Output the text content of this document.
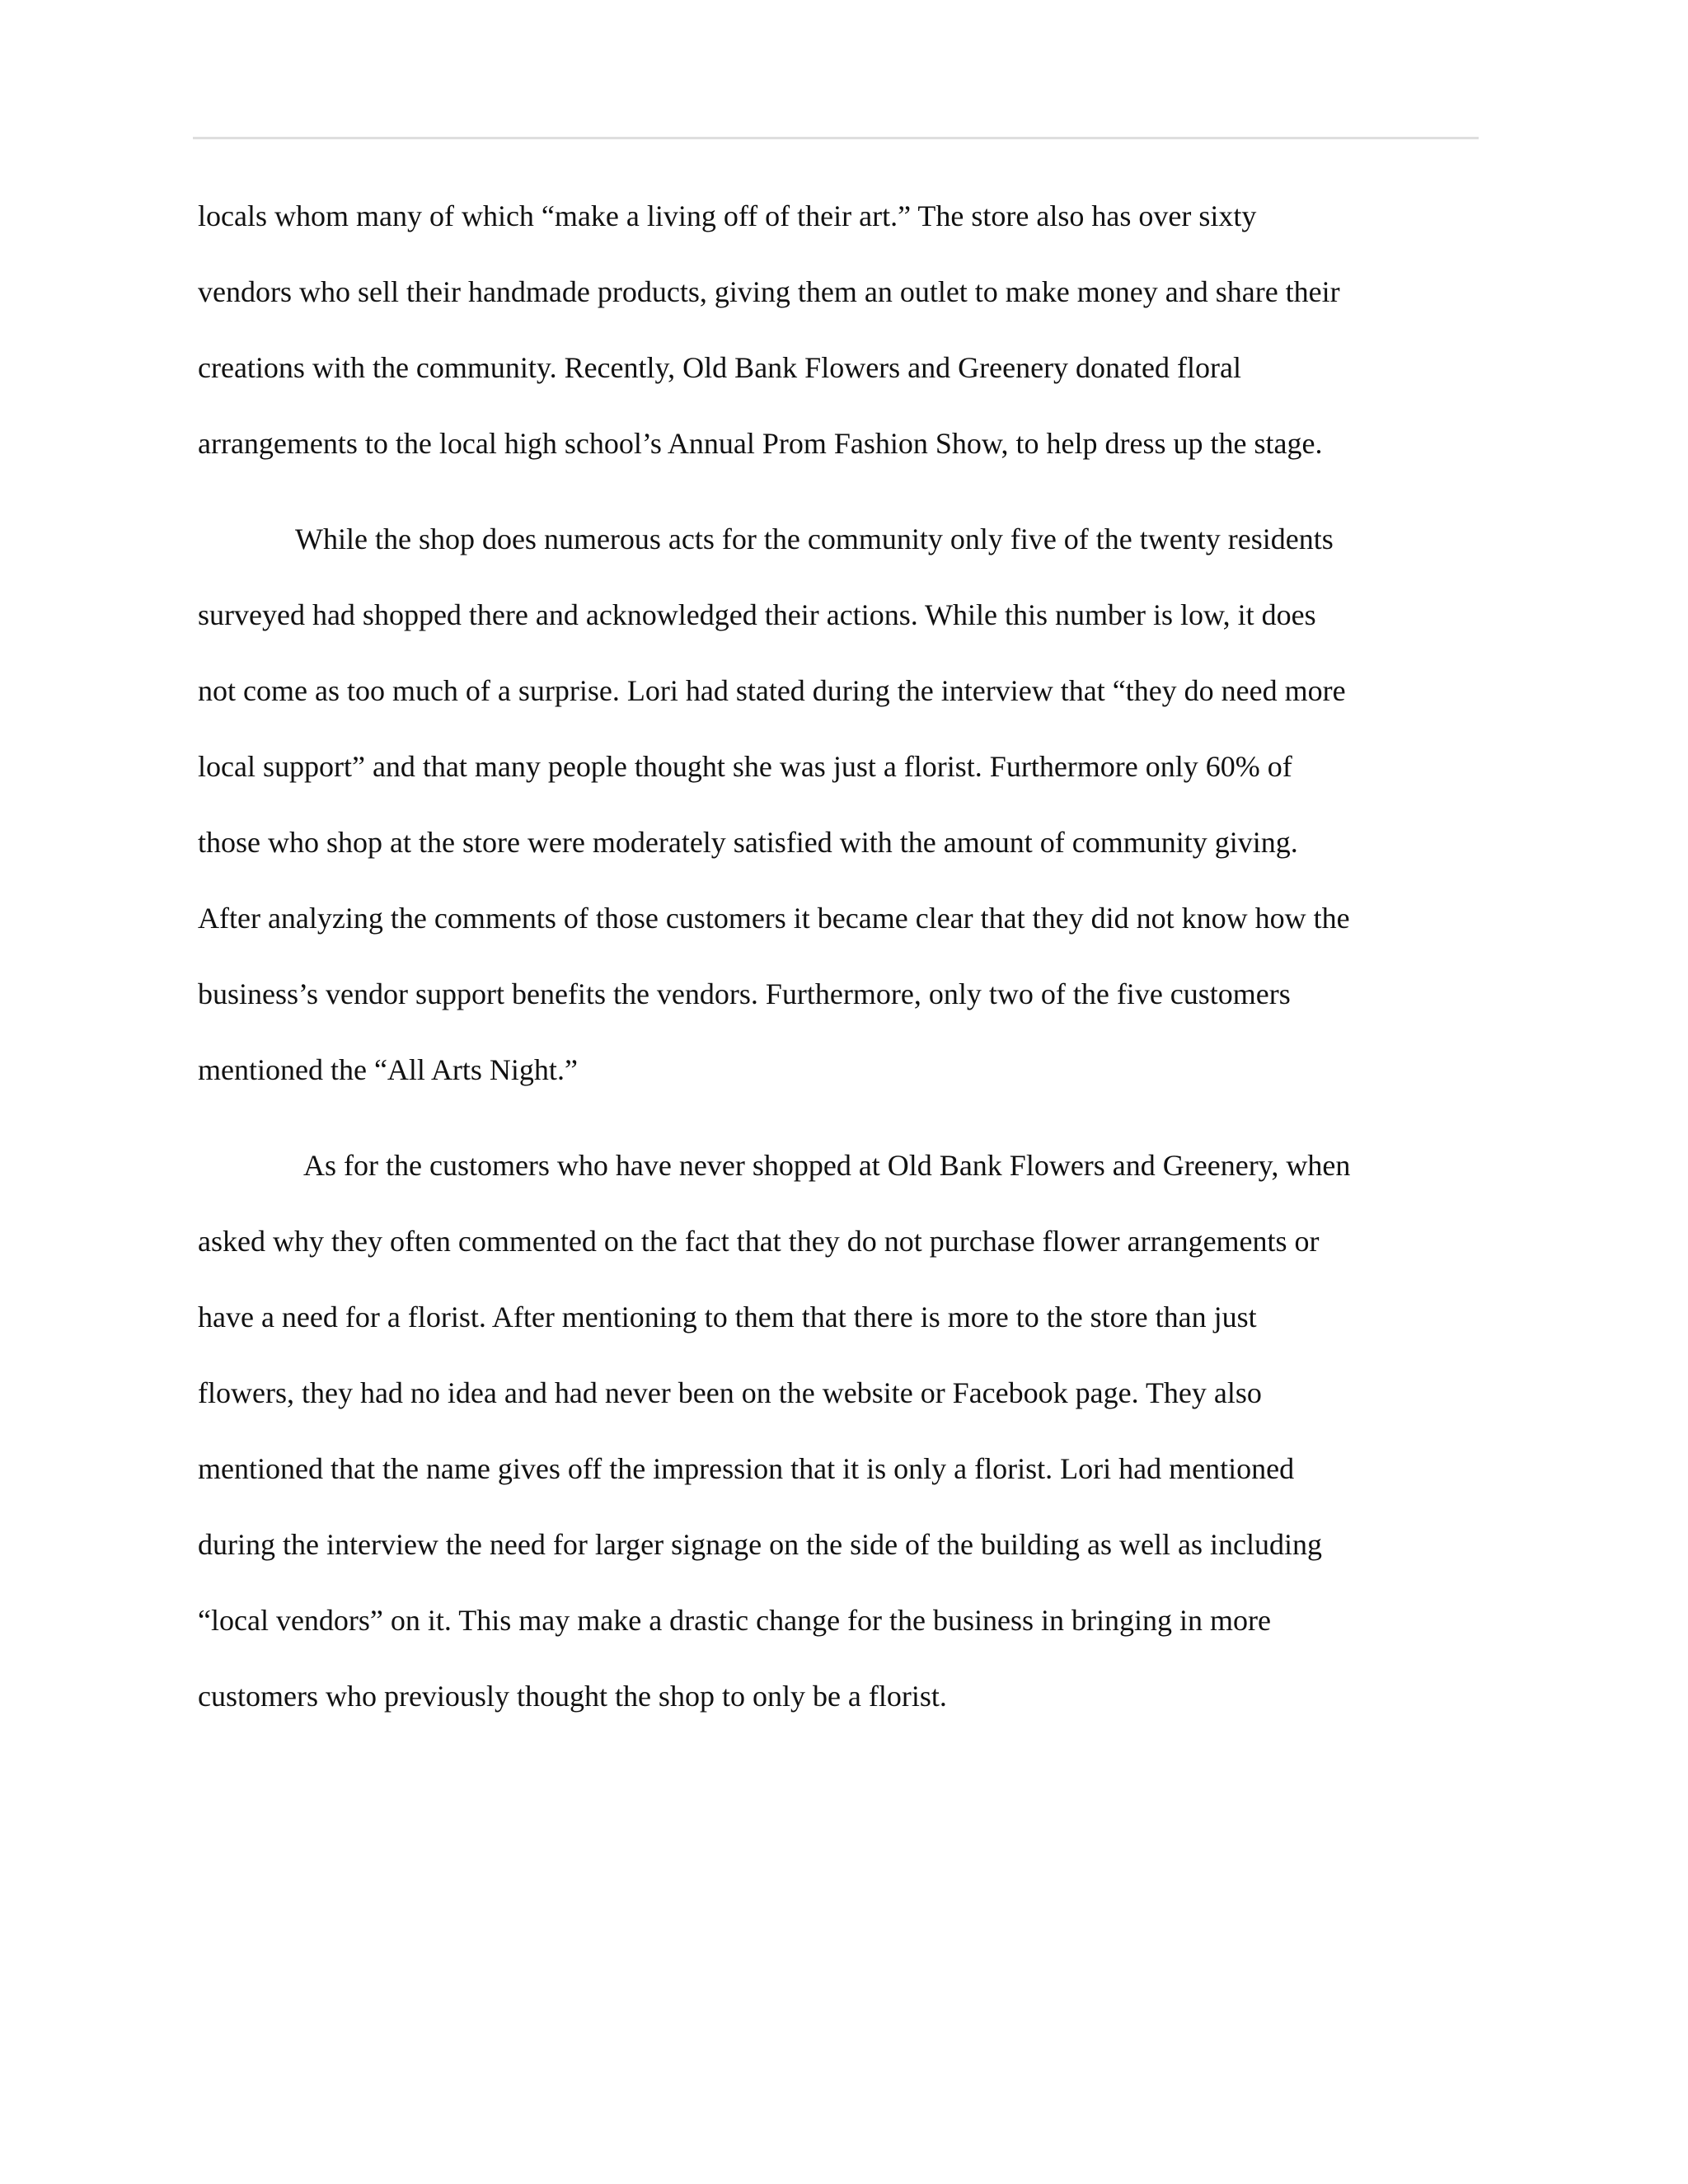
locals whom many of which “make a living off of their art.” The store also has over sixty

vendors who sell their handmade products, giving them an outlet to make money and share their

creations with the community. Recently, Old Bank Flowers and Greenery donated floral

arrangements to the local high school’s Annual Prom Fashion Show, to help dress up the stage.

While the shop does numerous acts for the community only five of the twenty residents

surveyed had shopped there and acknowledged their actions. While this number is low, it does

not come as too much of a surprise. Lori had stated during the interview that “they do need more

local support” and that many people thought she was just a florist. Furthermore only 60% of

those who shop at the store were moderately satisfied with the amount of community giving.

After analyzing the comments of those customers it became clear that they did not know how the

business’s vendor support benefits the vendors. Furthermore, only two of the five customers

mentioned the “All Arts Night.”

As for the customers who have never shopped at Old Bank Flowers and Greenery, when

asked why they often commented on the fact that they do not purchase flower arrangements or

have a need for a florist. After mentioning to them that there is more to the store than just

flowers, they had no idea and had never been on the website or Facebook page. They also

mentioned that the name gives off the impression that it is only a florist. Lori had mentioned

during the interview the need for larger signage on the side of the building as well as including

“local vendors” on it. This may make a drastic change for the business in bringing in more

customers who previously thought the shop to only be a florist.
